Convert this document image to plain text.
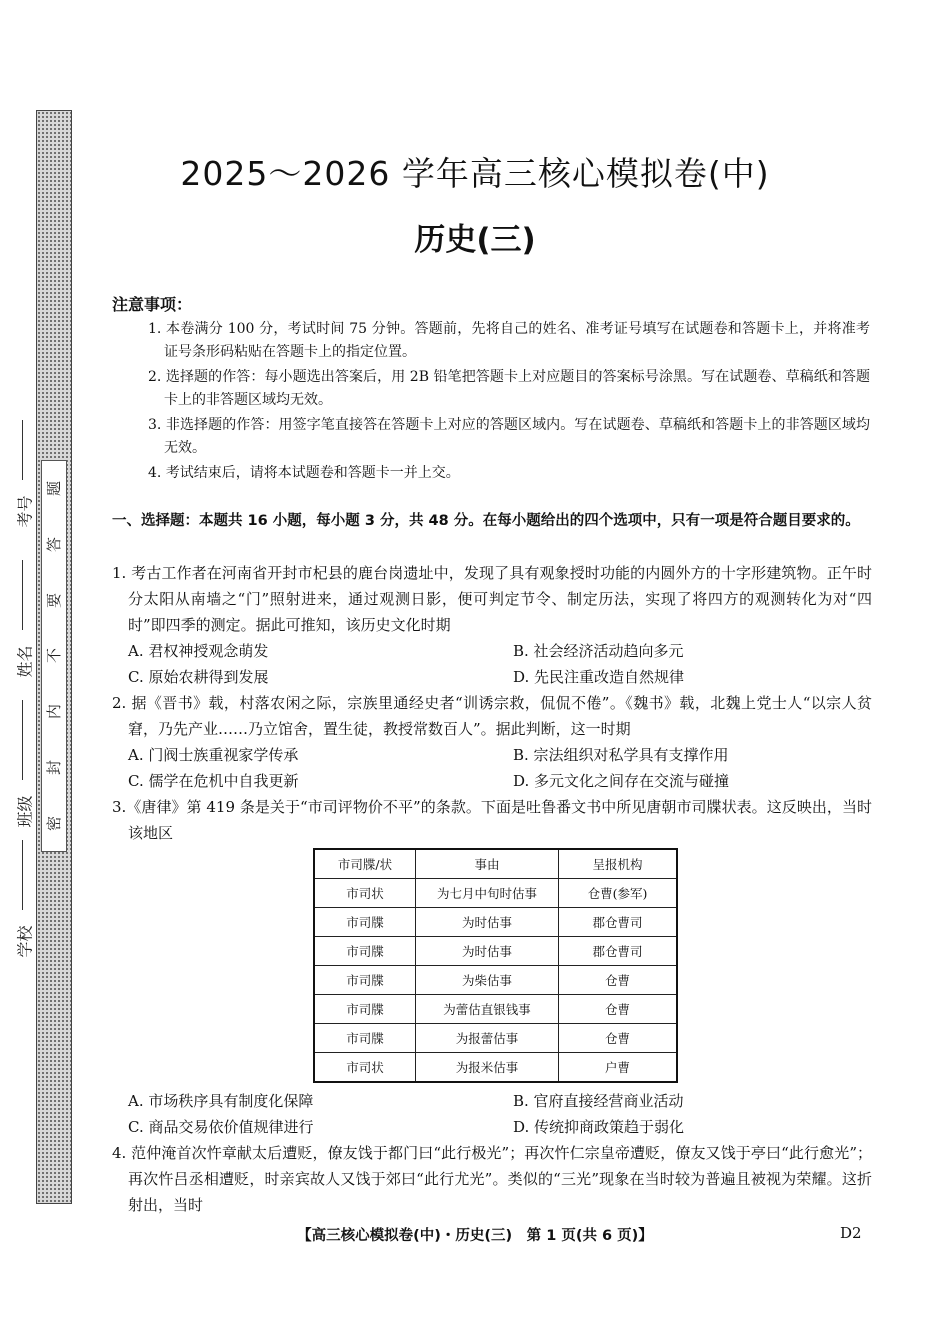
题
答
要
不
内
封
密
考号
姓名
班级
学校
2025～2026 学年高三核心模拟卷(中)
历史(三)
注意事项：
1. 本卷满分 100 分，考试时间 75 分钟。答题前，先将自己的姓名、准考证号填写在试题卷和答题卡上，并将准考证号条形码粘贴在答题卡上的指定位置。
2. 选择题的作答：每小题选出答案后，用 2B 铅笔把答题卡上对应题目的答案标号涂黑。写在试题卷、草稿纸和答题卡上的非答题区域均无效。
3. 非选择题的作答：用签字笔直接答在答题卡上对应的答题区域内。写在试题卷、草稿纸和答题卡上的非答题区域均无效。
4. 考试结束后，请将本试题卷和答题卡一并上交。
一、选择题：本题共 16 小题，每小题 3 分，共 48 分。在每小题给出的四个选项中，只有一项是符合题目要求的。
1. 考古工作者在河南省开封市杞县的鹿台岗遗址中，发现了具有观象授时功能的内圆外方的十字形建筑物。正午时分太阳从南墙之“门”照射进来，通过观测日影，便可判定节令、制定历法，实现了将四方的观测转化为对“四时”即四季的测定。据此可推知，该历史文化时期
A. 君权神授观念萌发	B. 社会经济活动趋向多元
C. 原始农耕得到发展	D. 先民注重改造自然规律
2. 据《晋书》载，村落农闲之际，宗族里通经史者“训诱宗救，侃侃不倦”。《魏书》载，北魏上党士人“以宗人贫窘，乃先产业……乃立馆舍，置生徒，教授常数百人”。据此判断，这一时期
A. 门阀士族重视家学传承	B. 宗法组织对私学具有支撑作用
C. 儒学在危机中自我更新	D. 多元文化之间存在交流与碰撞
3.《唐律》第 419 条是关于“市司评物价不平”的条款。下面是吐鲁番文书中所见唐朝市司牒状表。这反映出，当时该地区
市司牒/状	事由	呈报机构
市司状	为七月中旬时估事	仓曹(参军)
市司牒	为时估事	郡仓曹司
市司牒	为时估事	郡仓曹司
市司牒	为柴估事	仓曹
市司牒	为蕾估直银钱事	仓曹
市司牒	为报蕾估事	仓曹
市司状	为报米估事	户曹
A. 市场秩序具有制度化保障	B. 官府直接经营商业活动
C. 商品交易依价值规律进行	D. 传统抑商政策趋于弱化
4. 范仲淹首次忤章献太后遭贬，僚友饯于都门曰“此行极光”；再次忤仁宗皇帝遭贬，僚友又饯于亭曰“此行愈光”；再次忤吕丞相遭贬，时亲宾故人又饯于郊曰“此行尤光”。类似的“三光”现象在当时较为普遍且被视为荣耀。这折射出，当时
【高三核心模拟卷(中)・历史(三)　第 1 页(共 6 页)】	D2
